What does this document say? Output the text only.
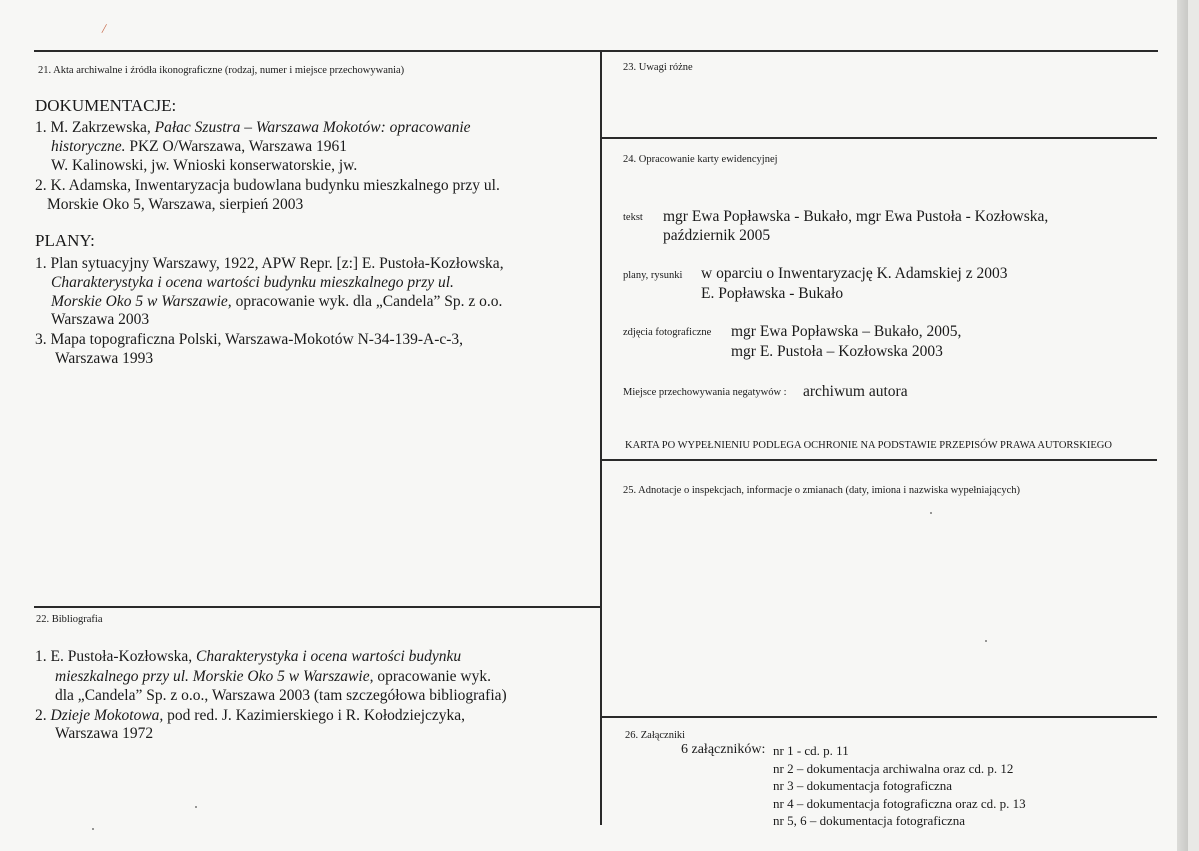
/
21. Akta archiwalne i źródła ikonograficzne (rodzaj, numer i miejsce przechowywania)
DOKUMENTACJE:
1. M. Zakrzewska, Pałac Szustra – Warszawa Mokotów: opracowanie
historyczne. PKZ O/Warszawa, Warszawa 1961
W. Kalinowski, jw. Wnioski konserwatorskie, jw.
2. K. Adamska, Inwentaryzacja budowlana budynku mieszkalnego przy ul.
Morskie Oko 5, Warszawa, sierpień 2003
PLANY:
1. Plan sytuacyjny Warszawy, 1922, APW Repr. [z:] E. Pustoła-Kozłowska,
Charakterystyka i ocena wartości budynku mieszkalnego przy ul.
Morskie Oko 5 w Warszawie, opracowanie wyk. dla „Candela” Sp. z o.o.
Warszawa 2003
3. Mapa topograficzna Polski, Warszawa-Mokotów N-34-139-A-c-3,
Warszawa 1993
22. Bibliografia
1. E. Pustoła-Kozłowska, Charakterystyka i ocena wartości budynku
mieszkalnego przy ul. Morskie Oko 5 w Warszawie, opracowanie wyk.
dla „Candela” Sp. z o.o., Warszawa 2003 (tam szczegółowa bibliografia)
2. Dzieje Mokotowa, pod red. J. Kazimierskiego i R. Kołodziejczyka,
Warszawa 1972
23. Uwagi różne
24. Opracowanie karty ewidencyjnej
tekst mgr Ewa Popławska - Bukało, mgr Ewa Pustoła - Kozłowska,
październik 2005
plany, rysunki w oparciu o Inwentaryzację K. Adamskiej z 2003
E. Popławska - Bukało
zdjęcia fotograficzne mgr Ewa Popławska – Bukało, 2005,
mgr E. Pustoła – Kozłowska 2003
Miejsce przechowywania negatywów : archiwum autora
KARTA PO WYPEŁNIENIU PODLEGA OCHRONIE NA PODSTAWIE PRZEPISÓW PRAWA AUTORSKIEGO
25. Adnotacje o inspekcjach, informacje o zmianach (daty, imiona i nazwiska wypełniających)
26. Załączniki
6 załączników: nr 1 - cd. p. 11
nr 2 – dokumentacja archiwalna oraz cd. p. 12
nr 3 – dokumentacja fotograficzna
nr 4 – dokumentacja fotograficzna oraz cd. p. 13
nr 5, 6 – dokumentacja fotograficzna
